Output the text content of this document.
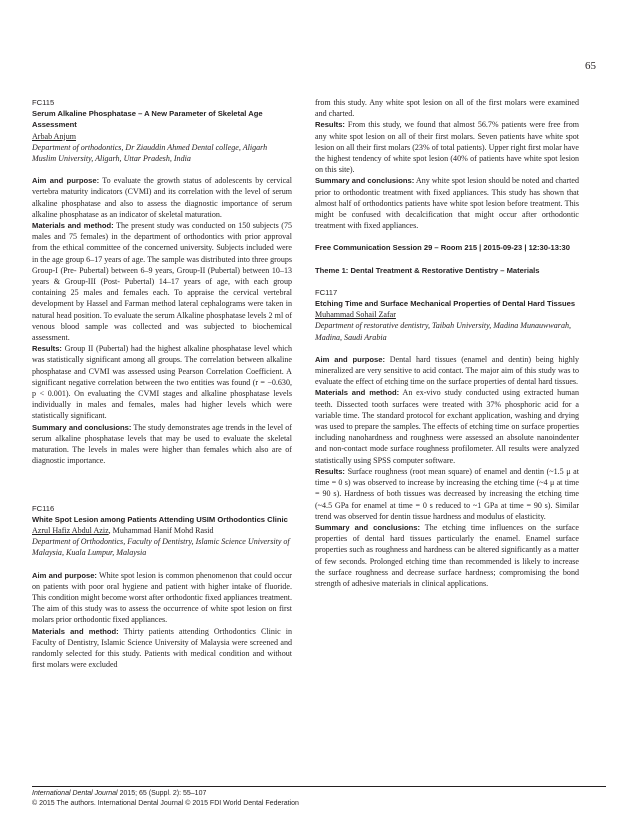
65

FC115

Serum Alkaline Phosphatase – A New Parameter of Skeletal Age Assessment

Arbab Anjum

Department of orthodontics, Dr Ziauddin Ahmed Dental college, Aligarh Muslim University, Aligarh, Uttar Pradesh, India

Aim and purpose: To evaluate the growth status of adolescents by cervical vertebra maturity indicators (CVMI) and its correlation with the level of serum alkaline phosphatase and also to assess the diagnostic importance of serum alkaline phosphatase as an indicator of skeletal maturation.

Materials and method: The present study was conducted on 150 subjects (75 males and 75 females) in the department of orthodontics with prior approval from the ethical committee of the concerned university. Subjects included were in the age group 6–17 years of age. The sample was distributed into three groups Group-I (Pre- Pubertal) between 6–9 years, Group-II (Pubertal) between 10–13 years & Group-III (Post- Pubertal) 14–17 years of age, with each group containing 25 males and females each. To appraise the cervical vertebral development by Hassel and Farman method lateral cephalograms were taken in natural head position. To evaluate the serum Alkaline phosphatase levels 2 ml of venous blood sample was collected and was subjected to biochemical assessment.

Results: Group II (Pubertal) had the highest alkaline phosphatase level which was statistically significant among all groups. The correlation between alkaline phosphatase and CVMI was assessed using Pearson Correlation Coefficient. A significant negative correlation between the two entities was found (r = −0.630, p < 0.001). On evaluating the CVMI stages and alkaline phosphatase levels individually in males and females, males had higher levels which were statistically significant.

Summary and conclusions: The study demonstrates age trends in the level of serum alkaline phosphatase levels that may be used to evaluate the skeletal maturation. The levels in males were higher than females which also are of diagnostic importance.

FC116

White Spot Lesion among Patients Attending USIM Orthodontics Clinic

Azrul Hafiz Abdul Aziz, Muhammad Hanif Mohd Rasid

Department of Orthodontics, Faculty of Dentistry, Islamic Science University of Malaysia, Kuala Lumpur, Malaysia

Aim and purpose: White spot lesion is common phenomenon that could occur on patients with poor oral hygiene and patient with higher intake of fluoride. This condition might become worst after orthodontic fixed appliances treatment. The aim of this study was to assess the occurrence of white spot lesion on first molars prior orthodontic fixed appliances.

Materials and method: Thirty patients attending Orthodontics Clinic in Faculty of Dentistry, Islamic Science University of Malaysia were screened and randomly selected for this study. Patients with medical condition and without first molars were excluded

from this study. Any white spot lesion on all of the first molars were examined and charted.

Results: From this study, we found that almost 56.7% patients were free from any white spot lesion on all of their first molars. Seven patients have white spot lesion on all their first molars (23% of total patients). Upper right first molar have the highest tendency of white spot lesion (40% of patients have white spot lesion on this site).

Summary and conclusions: Any white spot lesion should be noted and charted prior to orthodontic treatment with fixed appliances. This study has shown that almost half of orthodontics patients have white spot lesion before treatment. This might be confused with decalcification that might occur after orthodontic treatment with fixed appliances.

Free Communication Session 29 – Room 215 | 2015-09-23 | 12:30-13:30

Theme 1: Dental Treatment & Restorative Dentistry – Materials

FC117

Etching Time and Surface Mechanical Properties of Dental Hard Tissues

Muhammad Sohail Zafar

Department of restorative dentistry, Taibah University, Madina Munauwwarah, Madina, Saudi Arabia

Aim and purpose: Dental hard tissues (enamel and dentin) being highly mineralized are very sensitive to acid contact. The major aim of this study was to evaluate the effect of etching time on the surface properties of dental hard tissues.

Materials and method: An ex-vivo study conducted using extracted human teeth. Dissected tooth surfaces were treated with 37% phosphoric acid for a variable time. The standard protocol for exchant application, washing and drying was used to prepare the samples. The effects of etching time on surface properties including nanohardness and roughness were assessed an absolute nanoindenter and non-contact mode surface roughness profilometer. All results were analyzed statistically using SPSS computer software.

Results: Surface roughness (root mean square) of enamel and dentin (~1.5 μ at time = 0 s) was observed to increase by increasing the etching time (~4 μ at time = 90 s). Hardness of both tissues was decreased by increasing the etching time (~4.5 GPa for enamel at time = 0 s reduced to ~1 GPa at time = 90 s). Similar trend was observed for dentin tissue hardness and modulus of elasticity.

Summary and conclusions: The etching time influences on the surface properties of dental hard tissues particularly the enamel. Enamel surface properties such as roughness and hardness can be altered significantly as a matter of few seconds. Prolonged etching time than recommended is likely to increase the surface roughness and decrease surface hardness; compromising the bond strength of adhesive materials in clinical applications.

International Dental Journal 2015; 65 (Suppl. 2): 55–107
© 2015 The authors. International Dental Journal © 2015 FDI World Dental Federation
